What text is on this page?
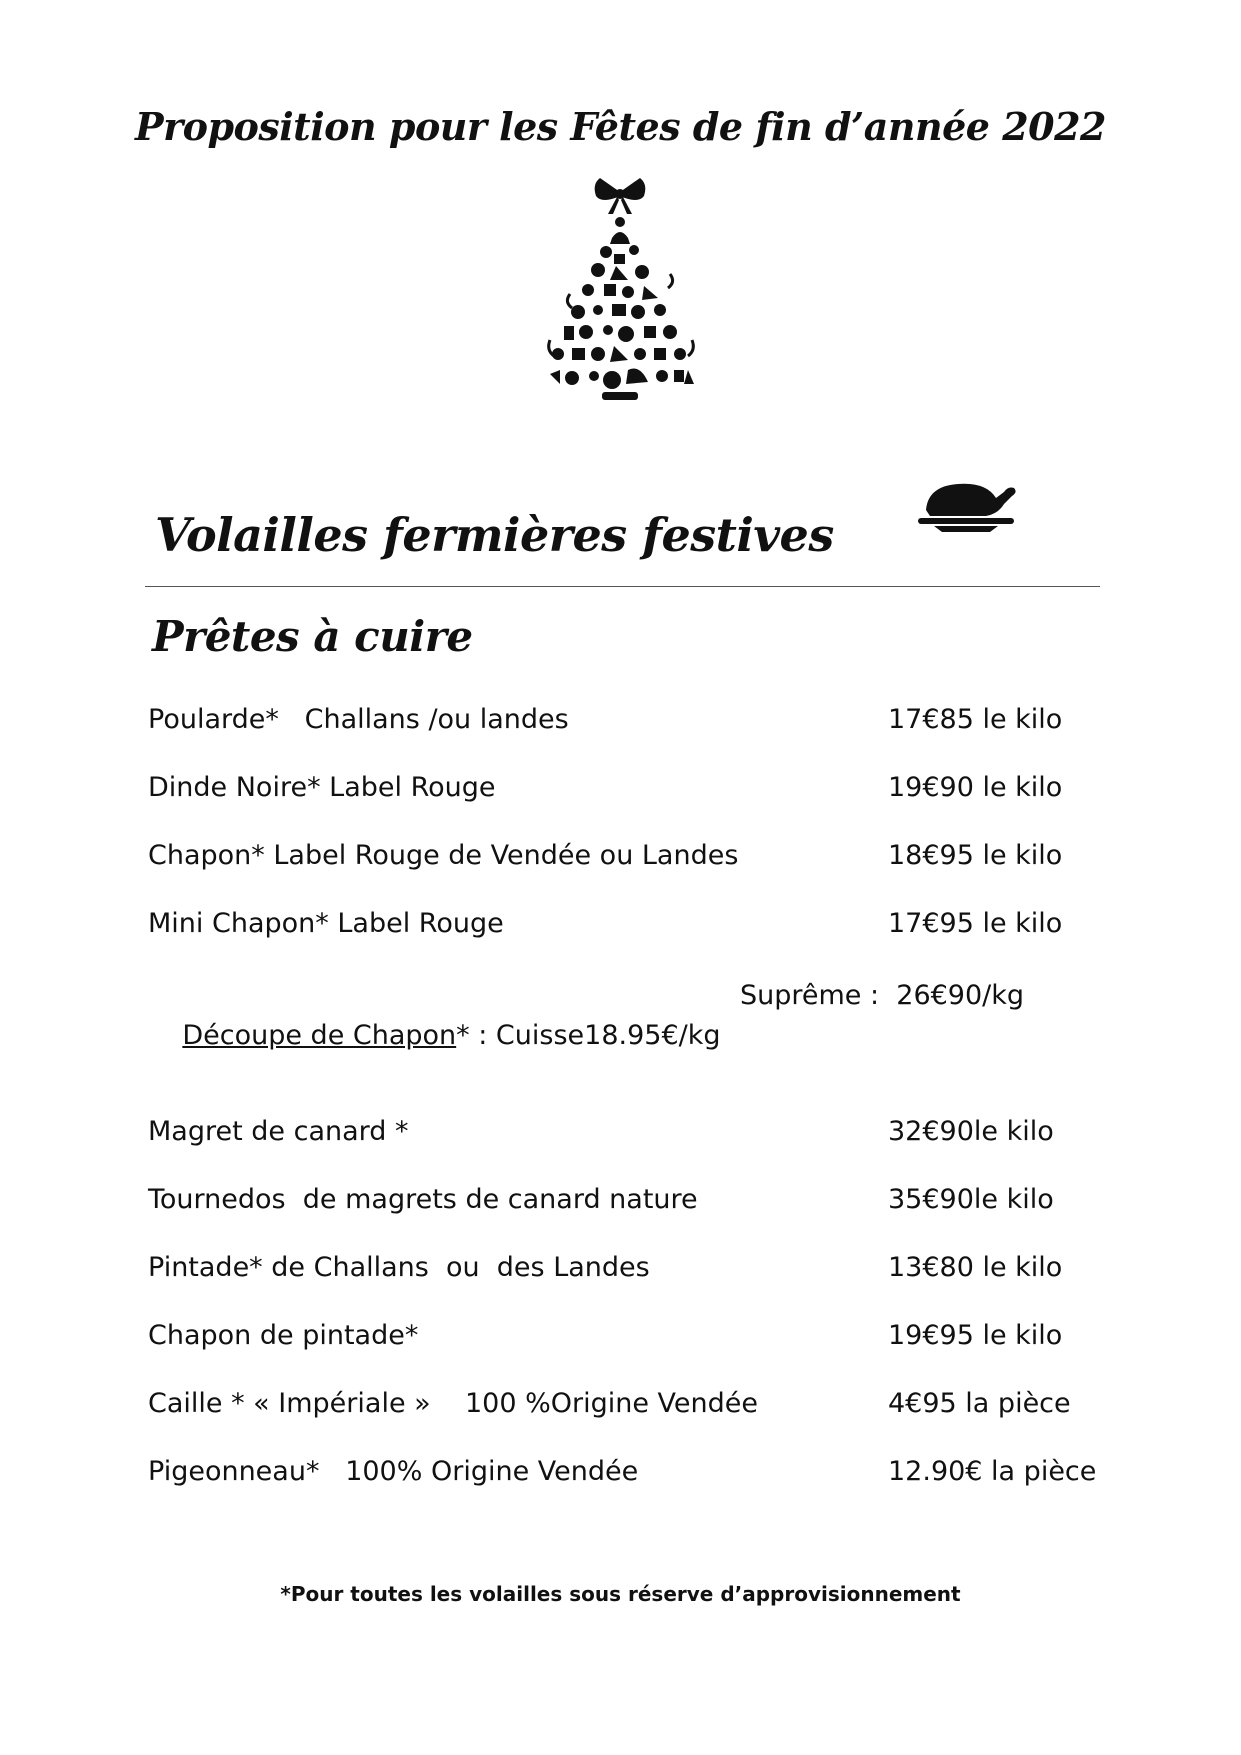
Proposition pour les Fêtes de fin d’année 2022
Volailles fermières festives
Prêtes à cuire

Poularde*   Challans /ou landes

	17€85 le kilo

Dinde Noire* Label Rouge

	19€90 le kilo

Chapon* Label Rouge de Vendée ou Landes

	18€95 le kilo

Mini Chapon* Label Rouge

	17€95 le kilo

Découpe de Chapon* : Cuisse18.95€/kg

Suprême :  26€90/kg

Magret de canard *

	32€90le kilo

Tournedos  de magrets de canard nature

	35€90le kilo

Pintade* de Challans  ou  des Landes

	13€80 le kilo

Chapon de pintade*

	19€95 le kilo

Caille * « Impériale »    100 %Origine Vendée

	4€95 la pièce

Pigeonneau*   100% Origine Vendée

	12.90€ la pièce

*Pour toutes les volailles sous réserve d’approvisionnement
